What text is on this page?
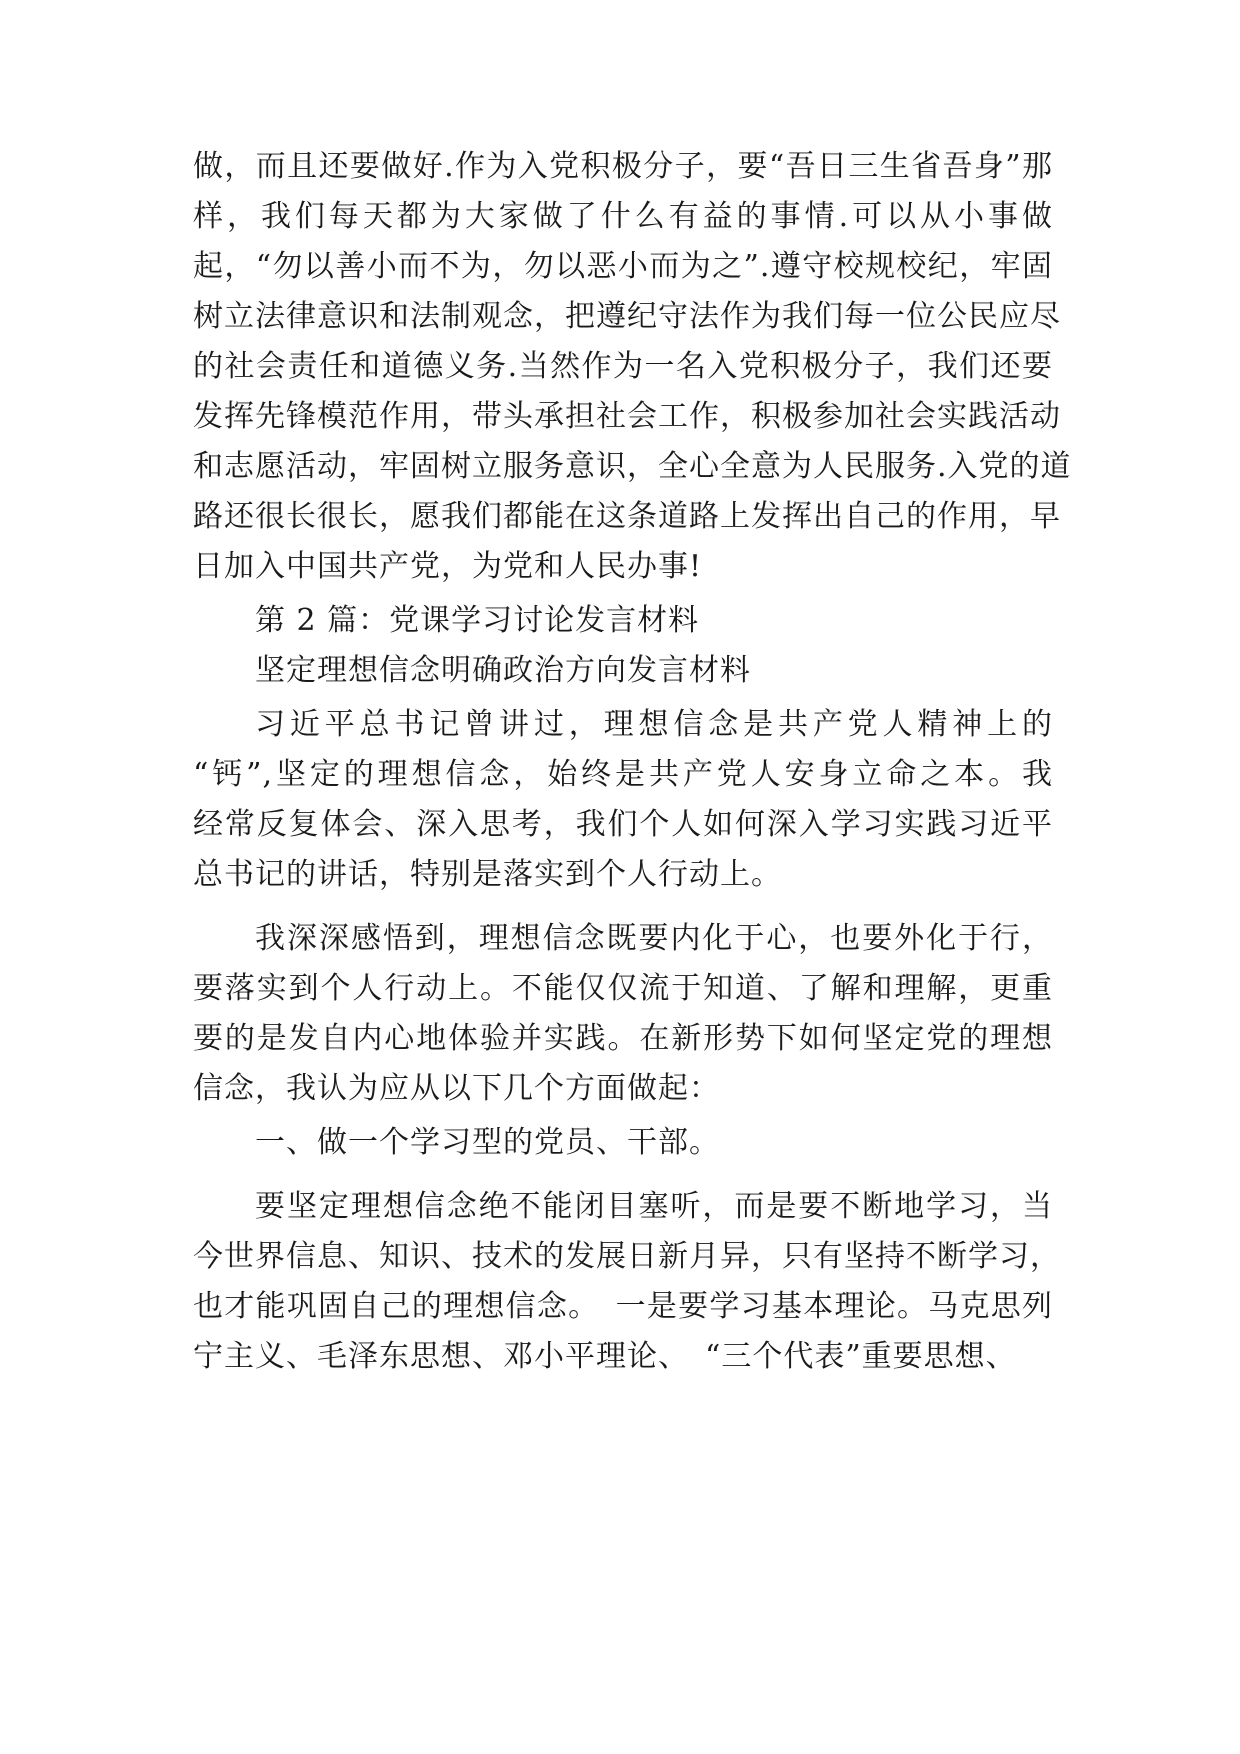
做，而且还要做好.作为入党积极分子，要“吾日三生省吾身”那
样，我们每天都为大家做了什么有益的事情.可以从小事做
起，“勿以善小而不为，勿以恶小而为之”.遵守校规校纪，牢固
树立法律意识和法制观念，把遵纪守法作为我们每一位公民应尽
的社会责任和道德义务.当然作为一名入党积极分子，我们还要
发挥先锋模范作用，带头承担社会工作，积极参加社会实践活动
和志愿活动，牢固树立服务意识，全心全意为人民服务.入党的道
路还很长很长，愿我们都能在这条道路上发挥出自己的作用，早
日加入中国共产党，为党和人民办事!

第 2 篇：党课学习讨论发言材料

坚定理想信念明确政治方向发言材料

习近平总书记曾讲过，理想信念是共产党人精神上的
“钙”,坚定的理想信念，始终是共产党人安身立命之本。我
经常反复体会、深入思考，我们个人如何深入学习实践习近平
总书记的讲话，特别是落实到个人行动上。

我深深感悟到，理想信念既要内化于心，也要外化于行，
要落实到个人行动上。不能仅仅流于知道、了解和理解，更重
要的是发自内心地体验并实践。在新形势下如何坚定党的理想
信念，我认为应从以下几个方面做起：

一、做一个学习型的党员、干部。

要坚定理想信念绝不能闭目塞听，而是要不断地学习，当
今世界信息、知识、技术的发展日新月异，只有坚持不断学习，
也才能巩固自己的理想信念。　一是要学习基本理论。马克思列
宁主义、毛泽东思想、邓小平理论、　“三个代表”重要思想、
